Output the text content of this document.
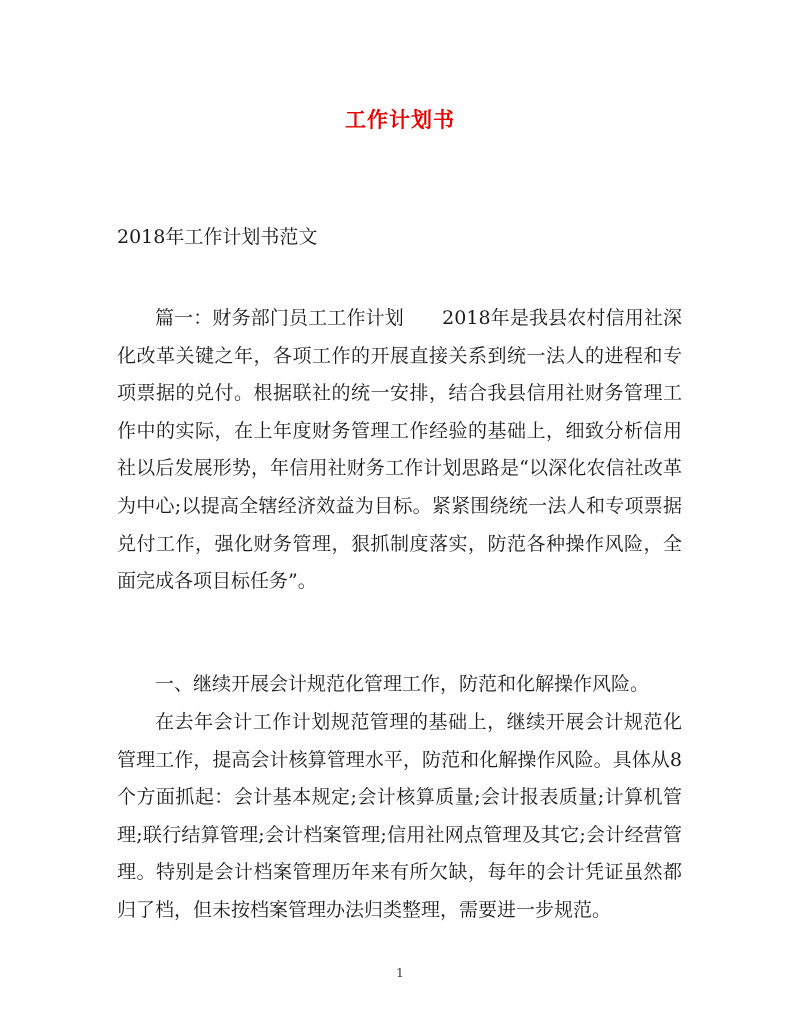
工作计划书

2018年工作计划书范文

篇一：财务部门员工工作计划　　2018年是我县农村信用社深化改革关键之年，各项工作的开展直接关系到统一法人的进程和专项票据的兑付。根据联社的统一安排，结合我县信用社财务管理工作中的实际，在上年度财务管理工作经验的基础上，细致分析信用社以后发展形势，年信用社财务工作计划思路是“以深化农信社改革为中心;以提高全辖经济效益为目标。紧紧围绕统一法人和专项票据兑付工作，强化财务管理，狠抓制度落实，防范各种操作风险，全面完成各项目标任务”。

一、继续开展会计规范化管理工作，防范和化解操作风险。

在去年会计工作计划规范管理的基础上，继续开展会计规范化管理工作，提高会计核算管理水平，防范和化解操作风险。具体从8个方面抓起：会计基本规定;会计核算质量;会计报表质量;计算机管理;联行结算管理;会计档案管理;信用社网点管理及其它;会计经营管理。特别是会计档案管理历年来有所欠缺，每年的会计凭证虽然都归了档，但未按档案管理办法归类整理，需要进一步规范。

1
